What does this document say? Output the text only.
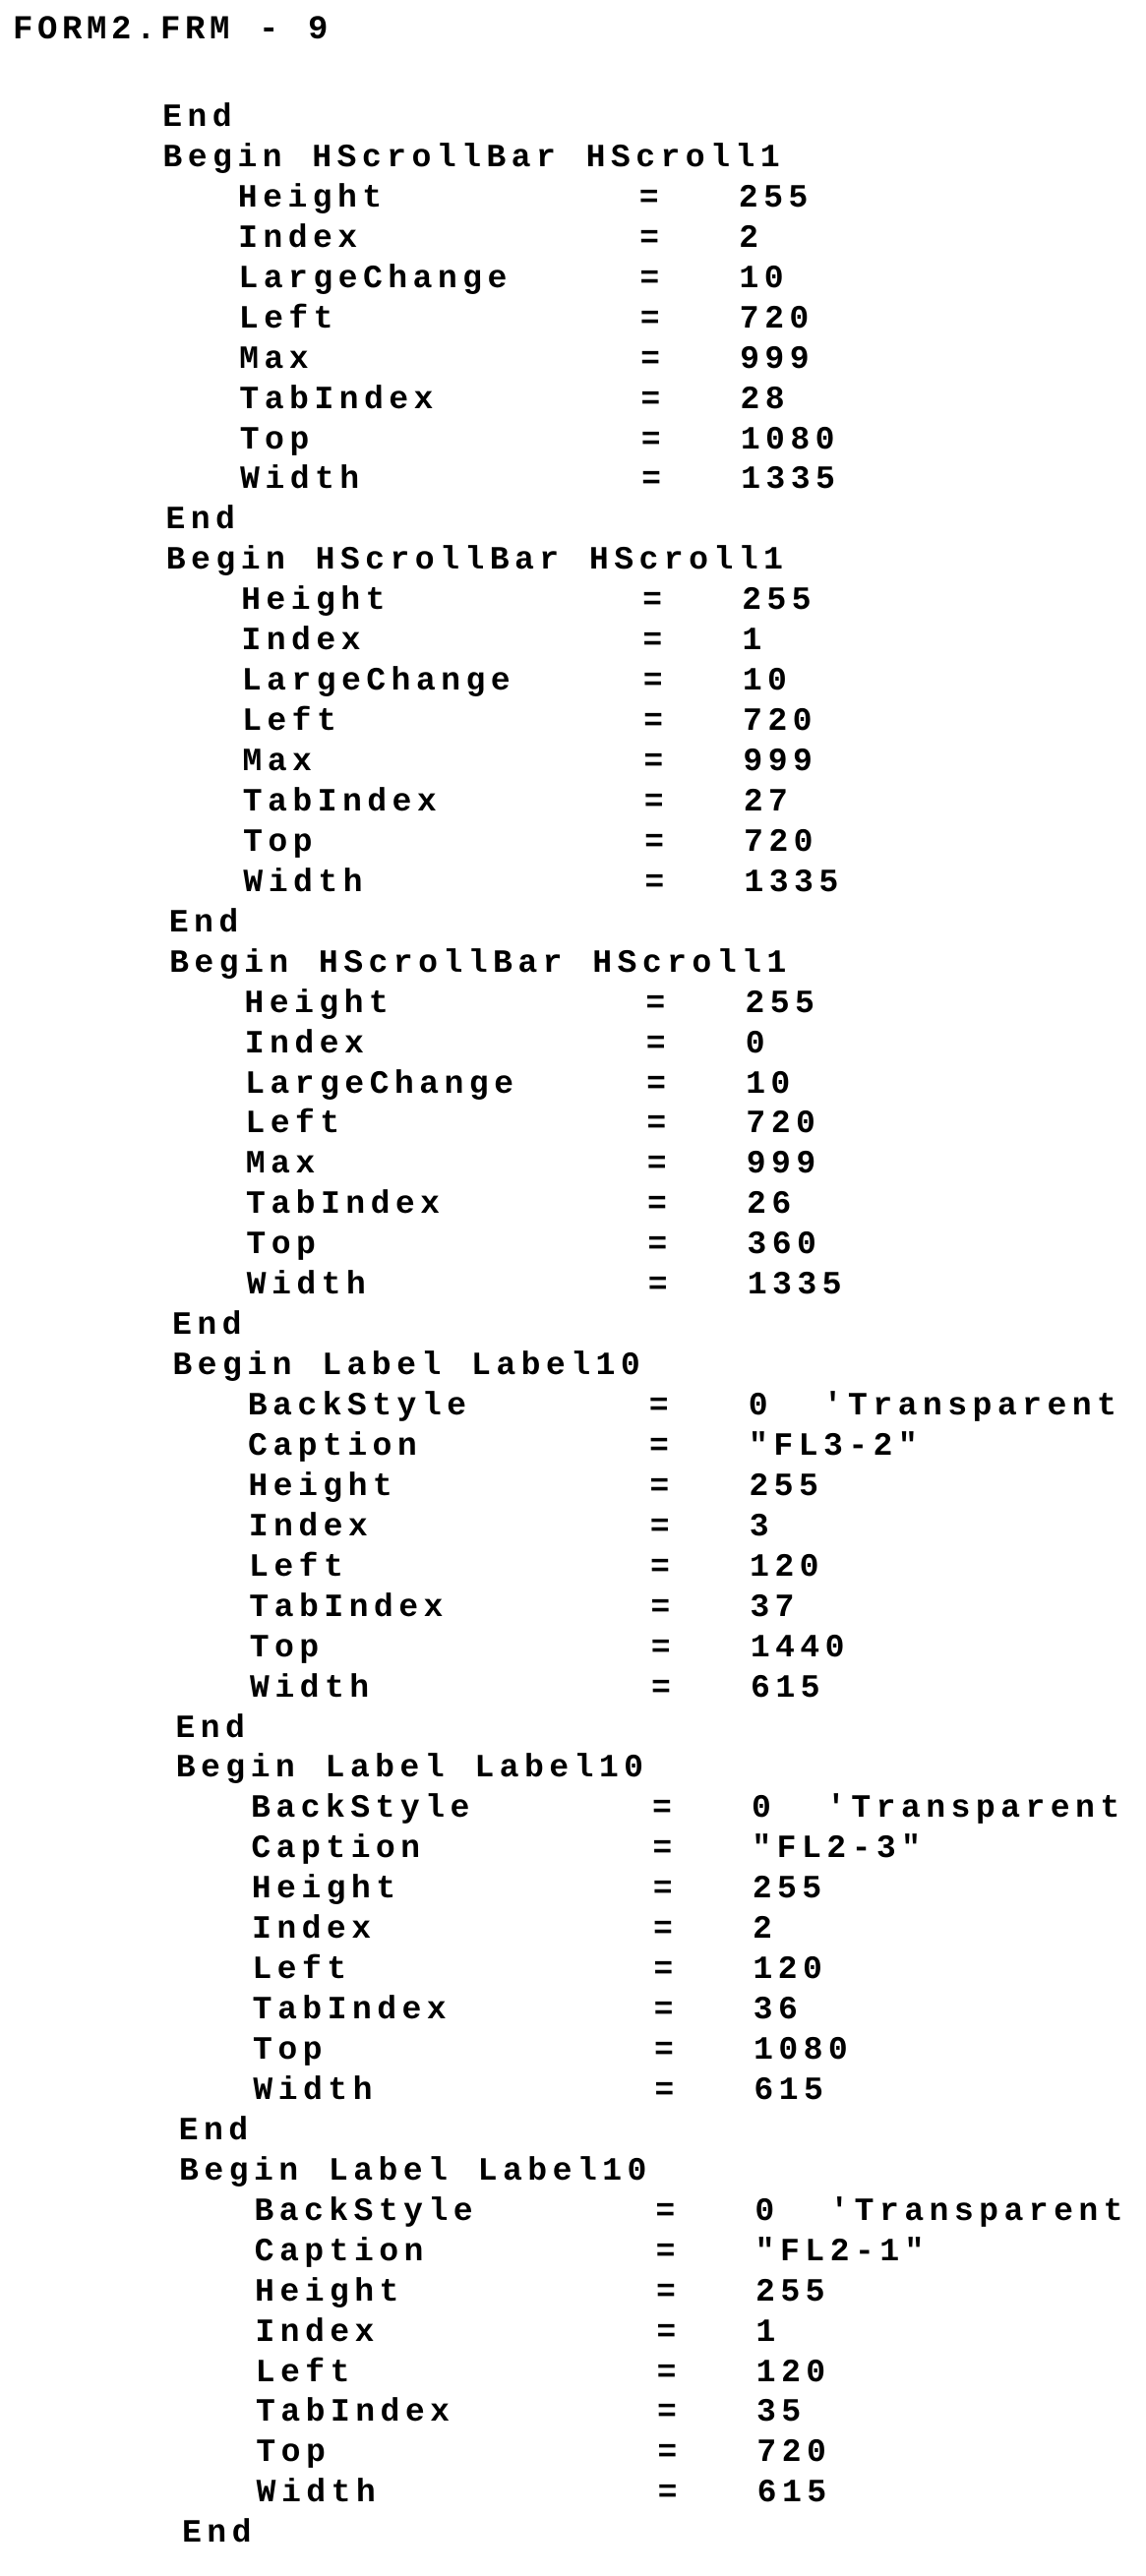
FORM2.FRM - 9

End

Begin HScrollBar HScroll1
Height	= 255
Index	= 2
LargeChange	= 10
Left	= 720
Max	= 999
TabIndex	= 28
Top	= 1080
Width	= 1335
End
Begin HScrollBar HScroll1
Height	= 255
Index	= 1
LargeChange	= 10
Left	= 720
Max	= 999
TabIndex	= 27
Top	= 720
Width	= 1335
End
Begin HScrollBar HScroll1
Height	= 255
Index	= 0
LargeChange	= 10
Left	= 720
Max	= 999
TabIndex	= 26
Top	= 360
Width	= 1335
End
Begin Label Label10
BackStyle	= 0 'Transparent
Caption	= "FL3-2"
Height	= 255
Index	= 3
Left	= 120
TabIndex	= 37
Top	= 1440
Width	= 615
End
Begin Label Label10
BackStyle	= 0 'Transparent
Caption	= "FL2-3"
Height	= 255
Index	= 2
Left	= 120
TabIndex	= 36
Top	= 1080
Width	= 615
End
Begin Label Label10
BackStyle	= 0 'Transparent
Caption	= "FL2-1"
Height	= 255
Index	= 1
Left	= 120
TabIndex	= 35
Top	= 720
Width	= 615
End
